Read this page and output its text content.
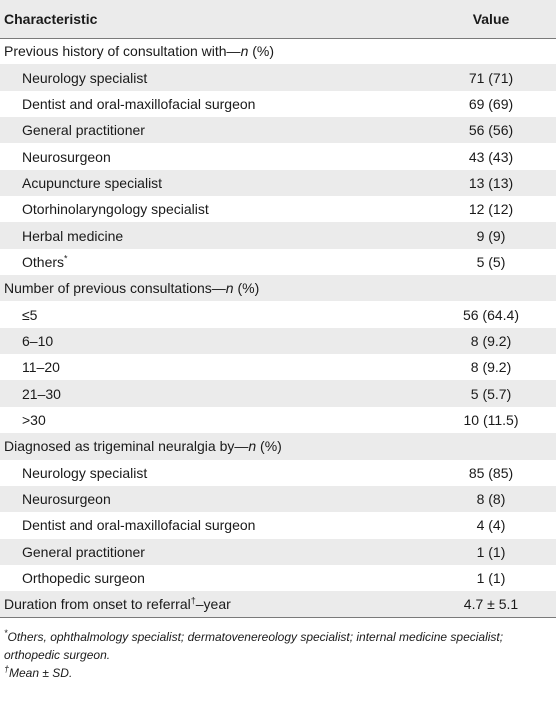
Characteristic	Value
Previous history of consultation with—n (%)	
Neurology specialist	71 (71)
Dentist and oral-maxillofacial surgeon	69 (69)
General practitioner	56 (56)
Neurosurgeon	43 (43)
Acupuncture specialist	13 (13)
Otorhinolaryngology specialist	12 (12)
Herbal medicine	9 (9)
Others*	5 (5)
Number of previous consultations—n (%)	
≤5	56 (64.4)
6–10	8 (9.2)
11–20	8 (9.2)
21–30	5 (5.7)
>30	10 (11.5)
Diagnosed as trigeminal neuralgia by—n (%)	
Neurology specialist	85 (85)
Neurosurgeon	8 (8)
Dentist and oral-maxillofacial surgeon	4 (4)
General practitioner	1 (1)
Orthopedic surgeon	1 (1)
Duration from onset to referral†–year	4.7 ± 5.1

*Others, ophthalmology specialist; dermatovenereology specialist; internal medicine specialist; orthopedic surgeon.

†Mean ± SD.
